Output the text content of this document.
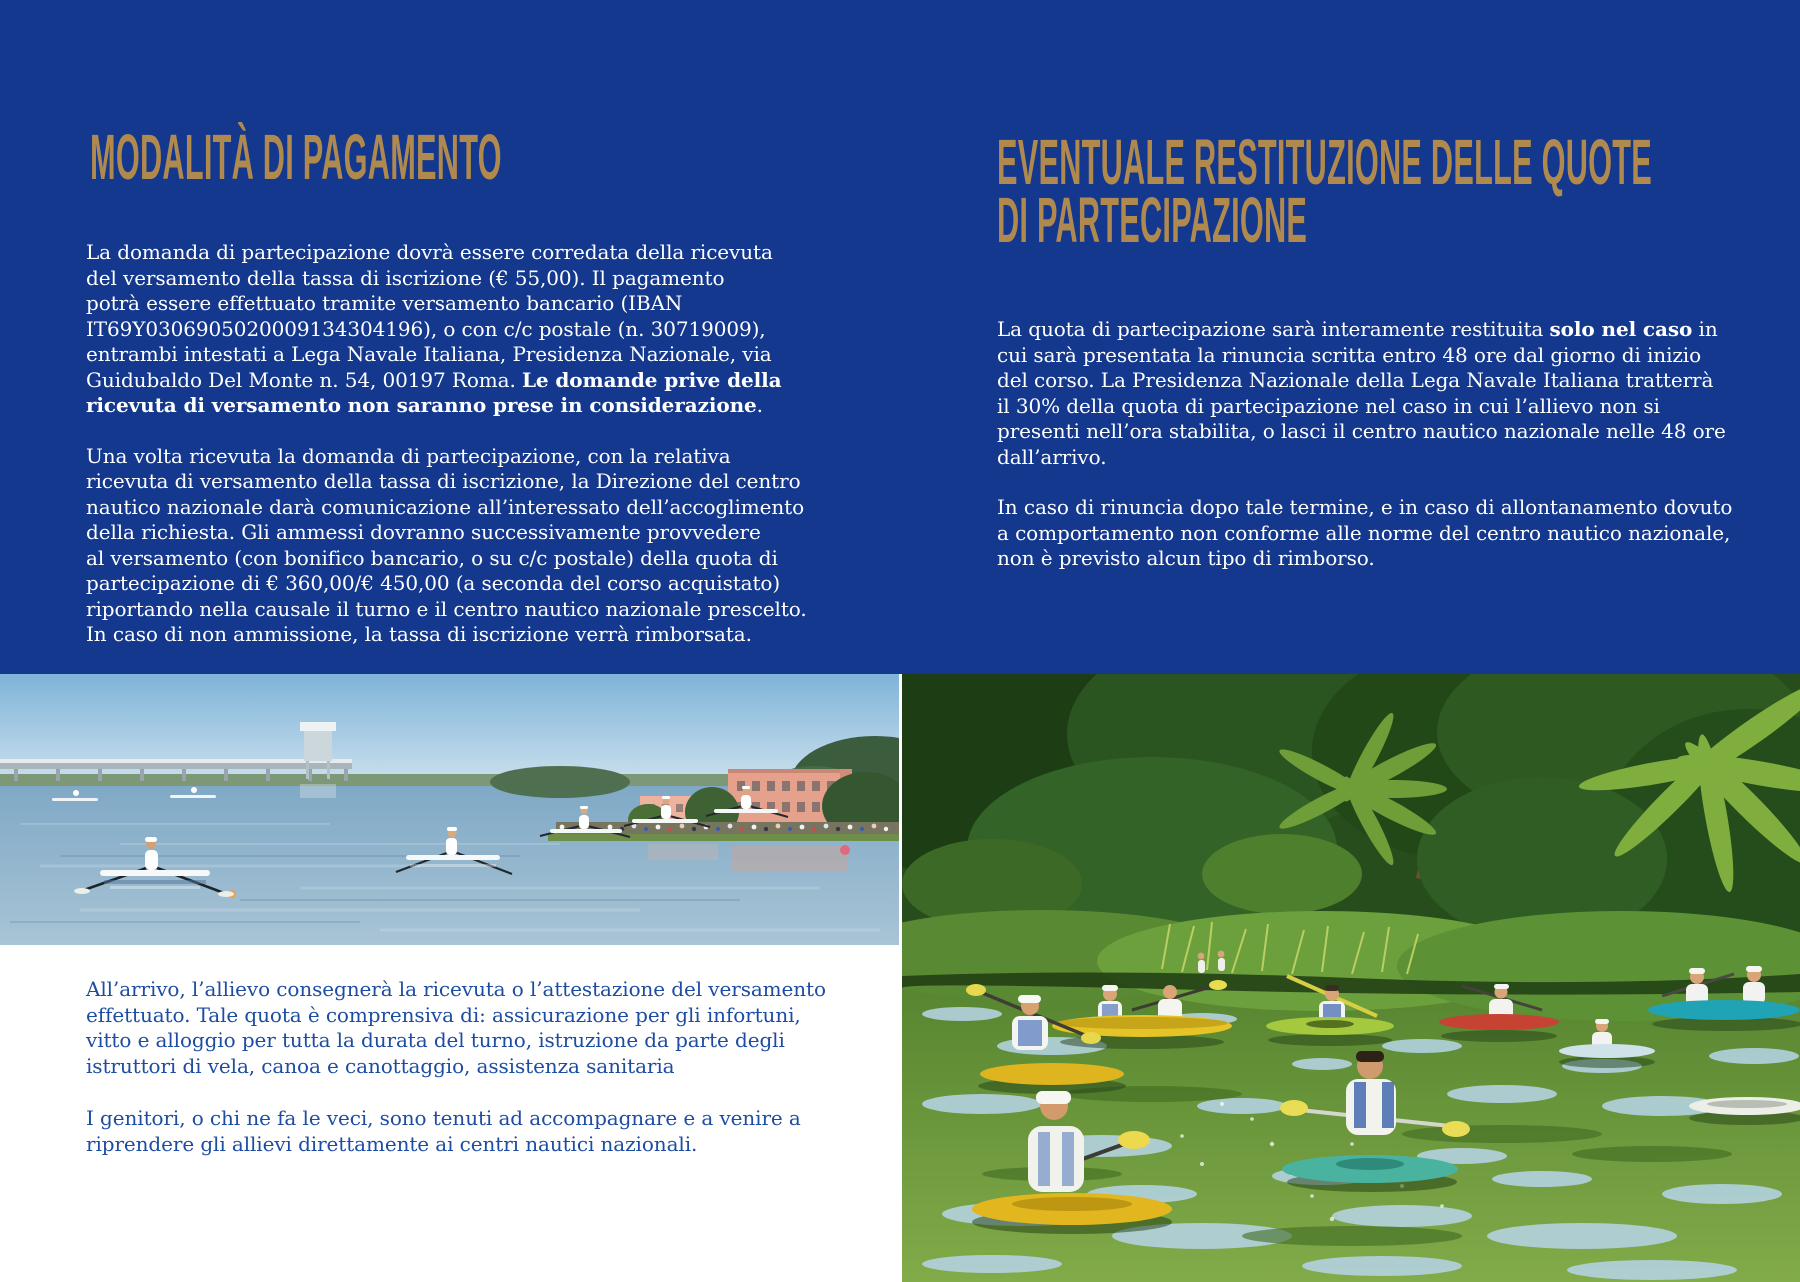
MODALITÀ DI PAGAMENTO	EVENTUALE RESTITUZIONE DELLE QUOTE
DI PARTECIPAZIONE
La domanda di partecipazione dovrà essere corredata della ricevuta
del versamento della tassa di iscrizione (€ 55,00). Il pagamento
potrà essere effettuato tramite versamento bancario (IBAN
IT69Y0306905020009134304196), o con c/c postale (n. 30719009),
entrambi intestati a Lega Navale Italiana, Presidenza Nazionale, via
Guidubaldo Del Monte n. 54, 00197 Roma. Le domande prive della
ricevuta di versamento non saranno prese in considerazione.
Una volta ricevuta la domanda di partecipazione, con la relativa
ricevuta di versamento della tassa di iscrizione, la Direzione del centro
nautico nazionale darà comunicazione all’interessato dell’accoglimento
della richiesta. Gli ammessi dovranno successivamente provvedere
al versamento (con bonifico bancario, o su c/c postale) della quota di
partecipazione di € 360,00/€ 450,00 (a seconda del corso acquistato)
riportando nella causale il turno e il centro nautico nazionale prescelto.
In caso di non ammissione, la tassa di iscrizione verrà rimborsata.
La quota di partecipazione sarà interamente restituita solo nel caso in
cui sarà presentata la rinuncia scritta entro 48 ore dal giorno di inizio
del corso. La Presidenza Nazionale della Lega Navale Italiana tratterrà
il 30% della quota di partecipazione nel caso in cui l’allievo non si
presenti nell’ora stabilita, o lasci il centro nautico nazionale nelle 48 ore
dall’arrivo.
In caso di rinuncia dopo tale termine, e in caso di allontanamento dovuto
a comportamento non conforme alle norme del centro nautico nazionale,
non è previsto alcun tipo di rimborso.
All’arrivo, l’allievo consegnerà la ricevuta o l’attestazione del versamento
effettuato. Tale quota è comprensiva di: assicurazione per gli infortuni,
vitto e alloggio per tutta la durata del turno, istruzione da parte degli
istruttori di vela, canoa e canottaggio, assistenza sanitaria
I genitori, o chi ne fa le veci, sono tenuti ad accompagnare e a venire a
riprendere gli allievi direttamente ai centri nautici nazionali.
